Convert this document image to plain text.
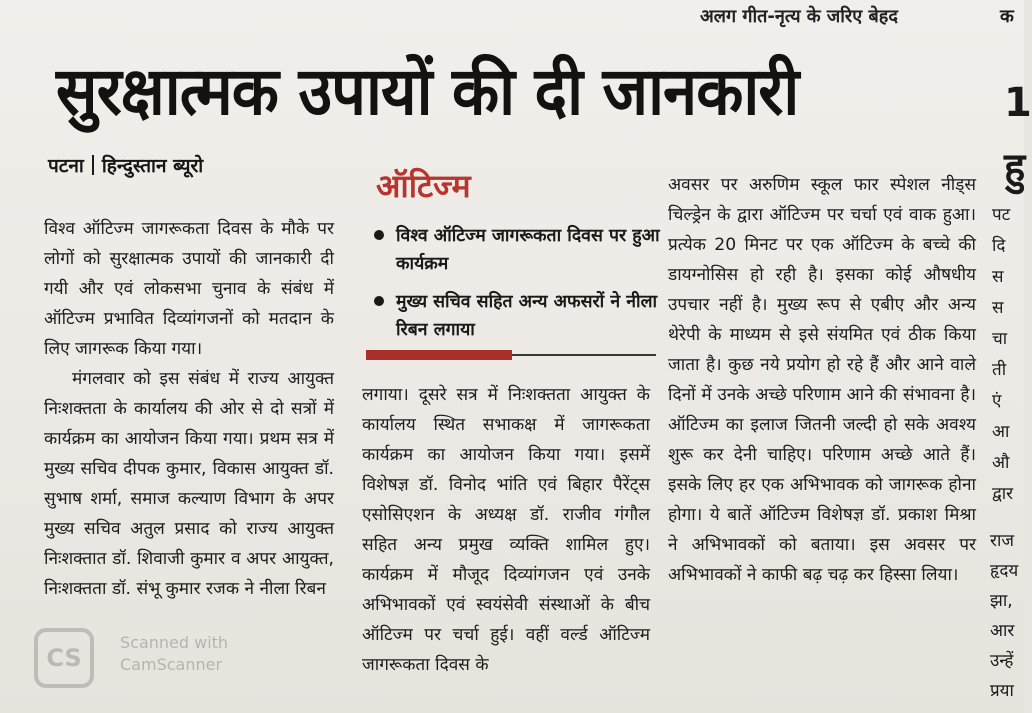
अलग गीत-नृत्य के जरिए बेहद	क
सुरक्षात्मक उपायों की दी जानकारी	1
हु
पटना हिन्दुस्तान ब्यूरो

विश्व ऑटिज्म जागरूकता दिवस के मौके पर लोगों को सुरक्षात्मक उपायों की जानकारी दी गयी और एवं लोकसभा चुनाव के संबंध में ऑटिज्म प्रभावित दिव्यांगजनों को मतदान के लिए जागरूक किया गया।

मंगलवार को इस संबंध में राज्य आयुक्त निःशक्तता के कार्यालय की ओर से दो सत्रों में कार्यक्रम का आयोजन किया गया। प्रथम सत्र में मुख्य सचिव दीपक कुमार, विकास आयुक्त डॉ. सुभाष शर्मा, समाज कल्याण विभाग के अपर मुख्य सचिव अतुल प्रसाद को राज्य आयुक्त निःशक्तात डॉ. शिवाजी कुमार व अपर आयुक्त, निःशक्तता डॉ. संभू कुमार रजक ने नीला रिबन

ऑटिज्म
विश्व ऑटिज्म जागरूकता दिवस पर हुआ कार्यक्रम
मुख्य सचिव सहित अन्य अफसरों ने नीला रिबन लगाया

लगाया। दूसरे सत्र में निःशक्तता आयुक्त के कार्यालय स्थित सभाकक्ष में जागरूकता कार्यक्रम का आयोजन किया गया। इसमें विशेषज्ञ डॉ. विनोद भांति एवं बिहार पैरेंट्स एसोसिएशन के अध्यक्ष डॉ. राजीव गंगौल सहित अन्य प्रमुख व्यक्ति शामिल हुए। कार्यक्रम में मौजूद दिव्यांगजन एवं उनके अभिभावकों एवं स्वयंसेवी संस्थाओं के बीच ऑटिज्म पर चर्चा हुई। वहीं वर्ल्ड ऑटिज्म जागरूकता दिवस के

अवसर पर अरुणिम स्कूल फार स्पेशल नीड्स चिल्ड्रेन के द्वारा ऑटिज्म पर चर्चा एवं वाक हुआ। प्रत्येक 20 मिनट पर एक ऑटिज्म के बच्चे की डायग्नोसिस हो रही है। इसका कोई औषधीय उपचार नहीं है। मुख्य रूप से एबीए और अन्य थेरेपी के माध्यम से इसे संयमित एवं ठीक किया जाता है। कुछ नये प्रयोग हो रहे हैं और आने वाले दिनों में उनके अच्छे परिणाम आने की संभावना है। ऑटिज्म का इलाज जितनी जल्दी हो सके अवश्य शुरू कर देनी चाहिए। परिणाम अच्छे आते हैं। इसके लिए हर एक अभिभावक को जागरूक होना होगा। ये बातें ऑटिज्म विशेषज्ञ डॉ. प्रकाश मिश्रा ने अभिभावकों को बताया। इस अवसर पर अभिभावकों ने काफी बढ़ चढ़ कर हिस्सा लिया।

पट
दि
स
स
चा
ती
एं
आ
औ
द्वार
राज
हृदय
झा,
आर
उन्हें
प्रया
CS
Scanned with
CamScanner
